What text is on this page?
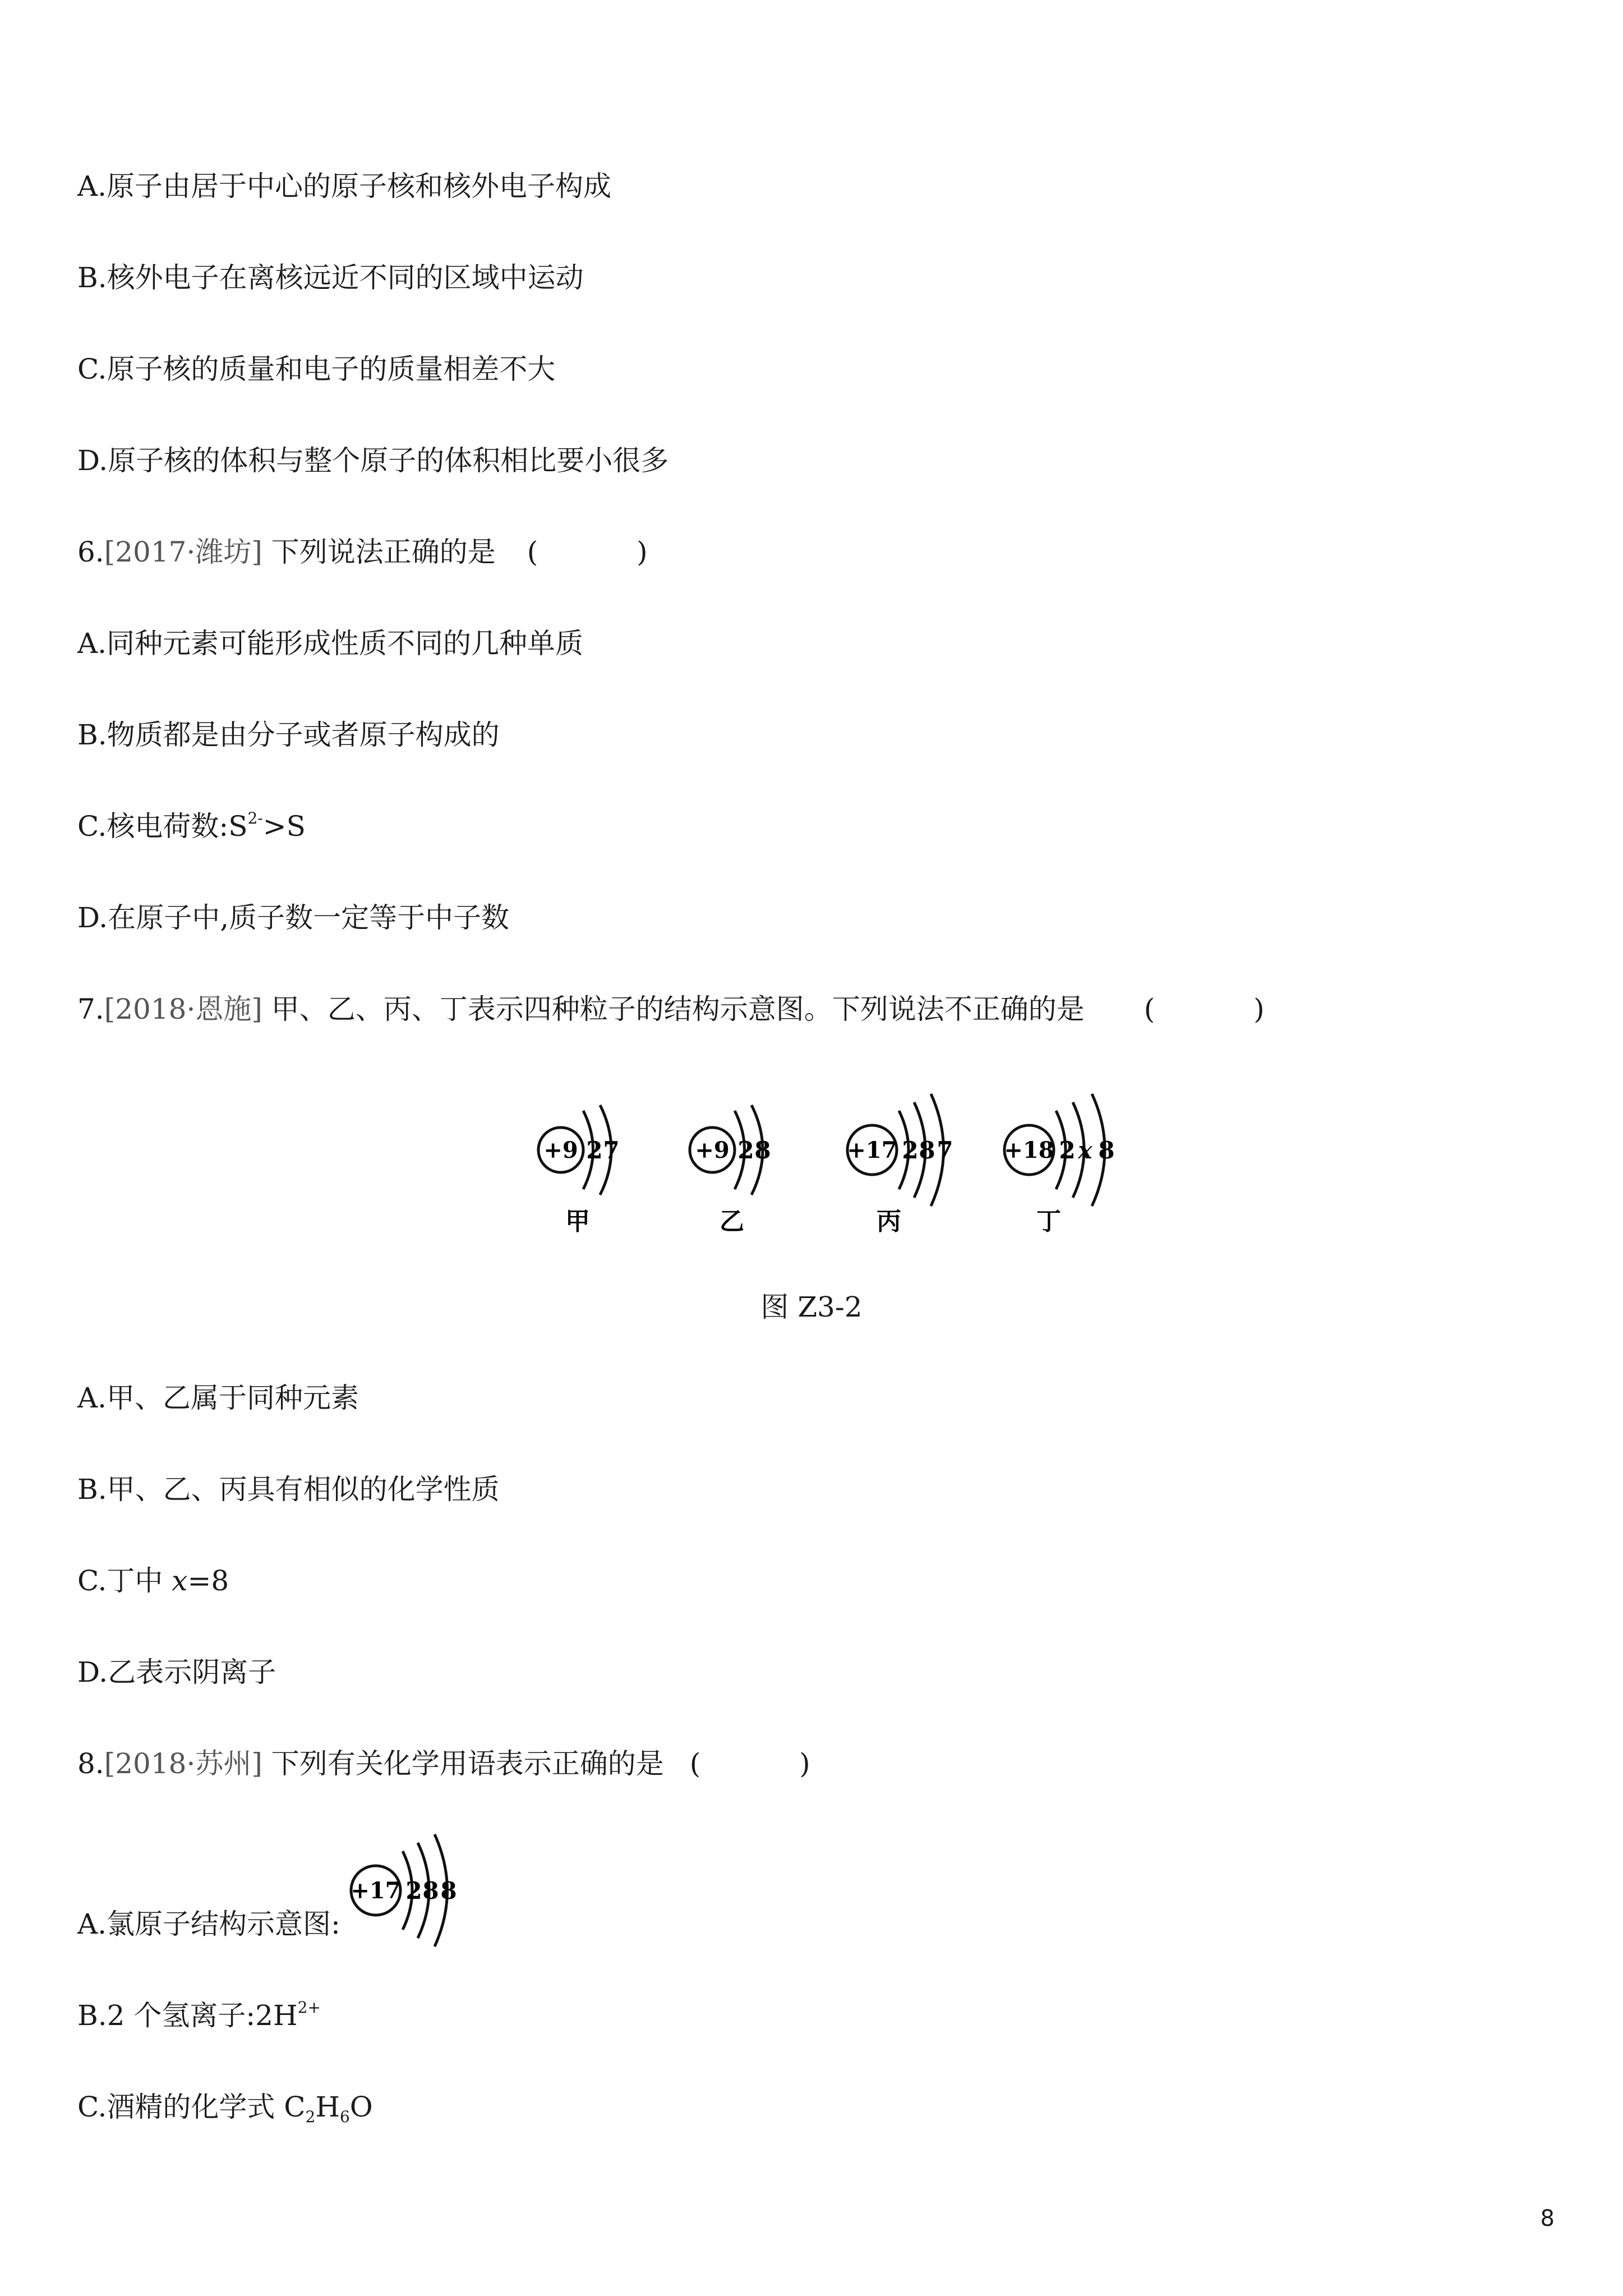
A.原子由居于中心的原子核和核外电子构成
B.核外电子在离核远近不同的区域中运动
C.原子核的质量和电子的质量相差不大
D.原子核的体积与整个原子的体积相比要小很多
6.[2017·潍坊] 下列说法正确的是 ( )
A.同种元素可能形成性质不同的几种单质
B.物质都是由分子或者原子构成的
C.核电荷数$:S^{2-}>S$
D.在原子中,质子数一定等于中子数
7.[2018·恩施] 甲、乙、丙、丁表示四种粒子的结构示意图。下列说法不正确的是 ( )
+9 2 7	+9 2 8	+17 2 8 7 +18 2 x 8
甲	乙	丙	丁
图 Z3-2
A.甲、乙属于同种元素
B.甲、乙、丙具有相似的化学性质
C.丁中 x=8
D.乙表示阴离子
8.[2018·苏州] 下列有关化学用语表示正确的是 ( )
A.氯原子结构示意图:
+17 2 8 8
B.2 个氢离子$:2H^{2+}$
C.酒精的化学式 $C_2H_6O$
8
